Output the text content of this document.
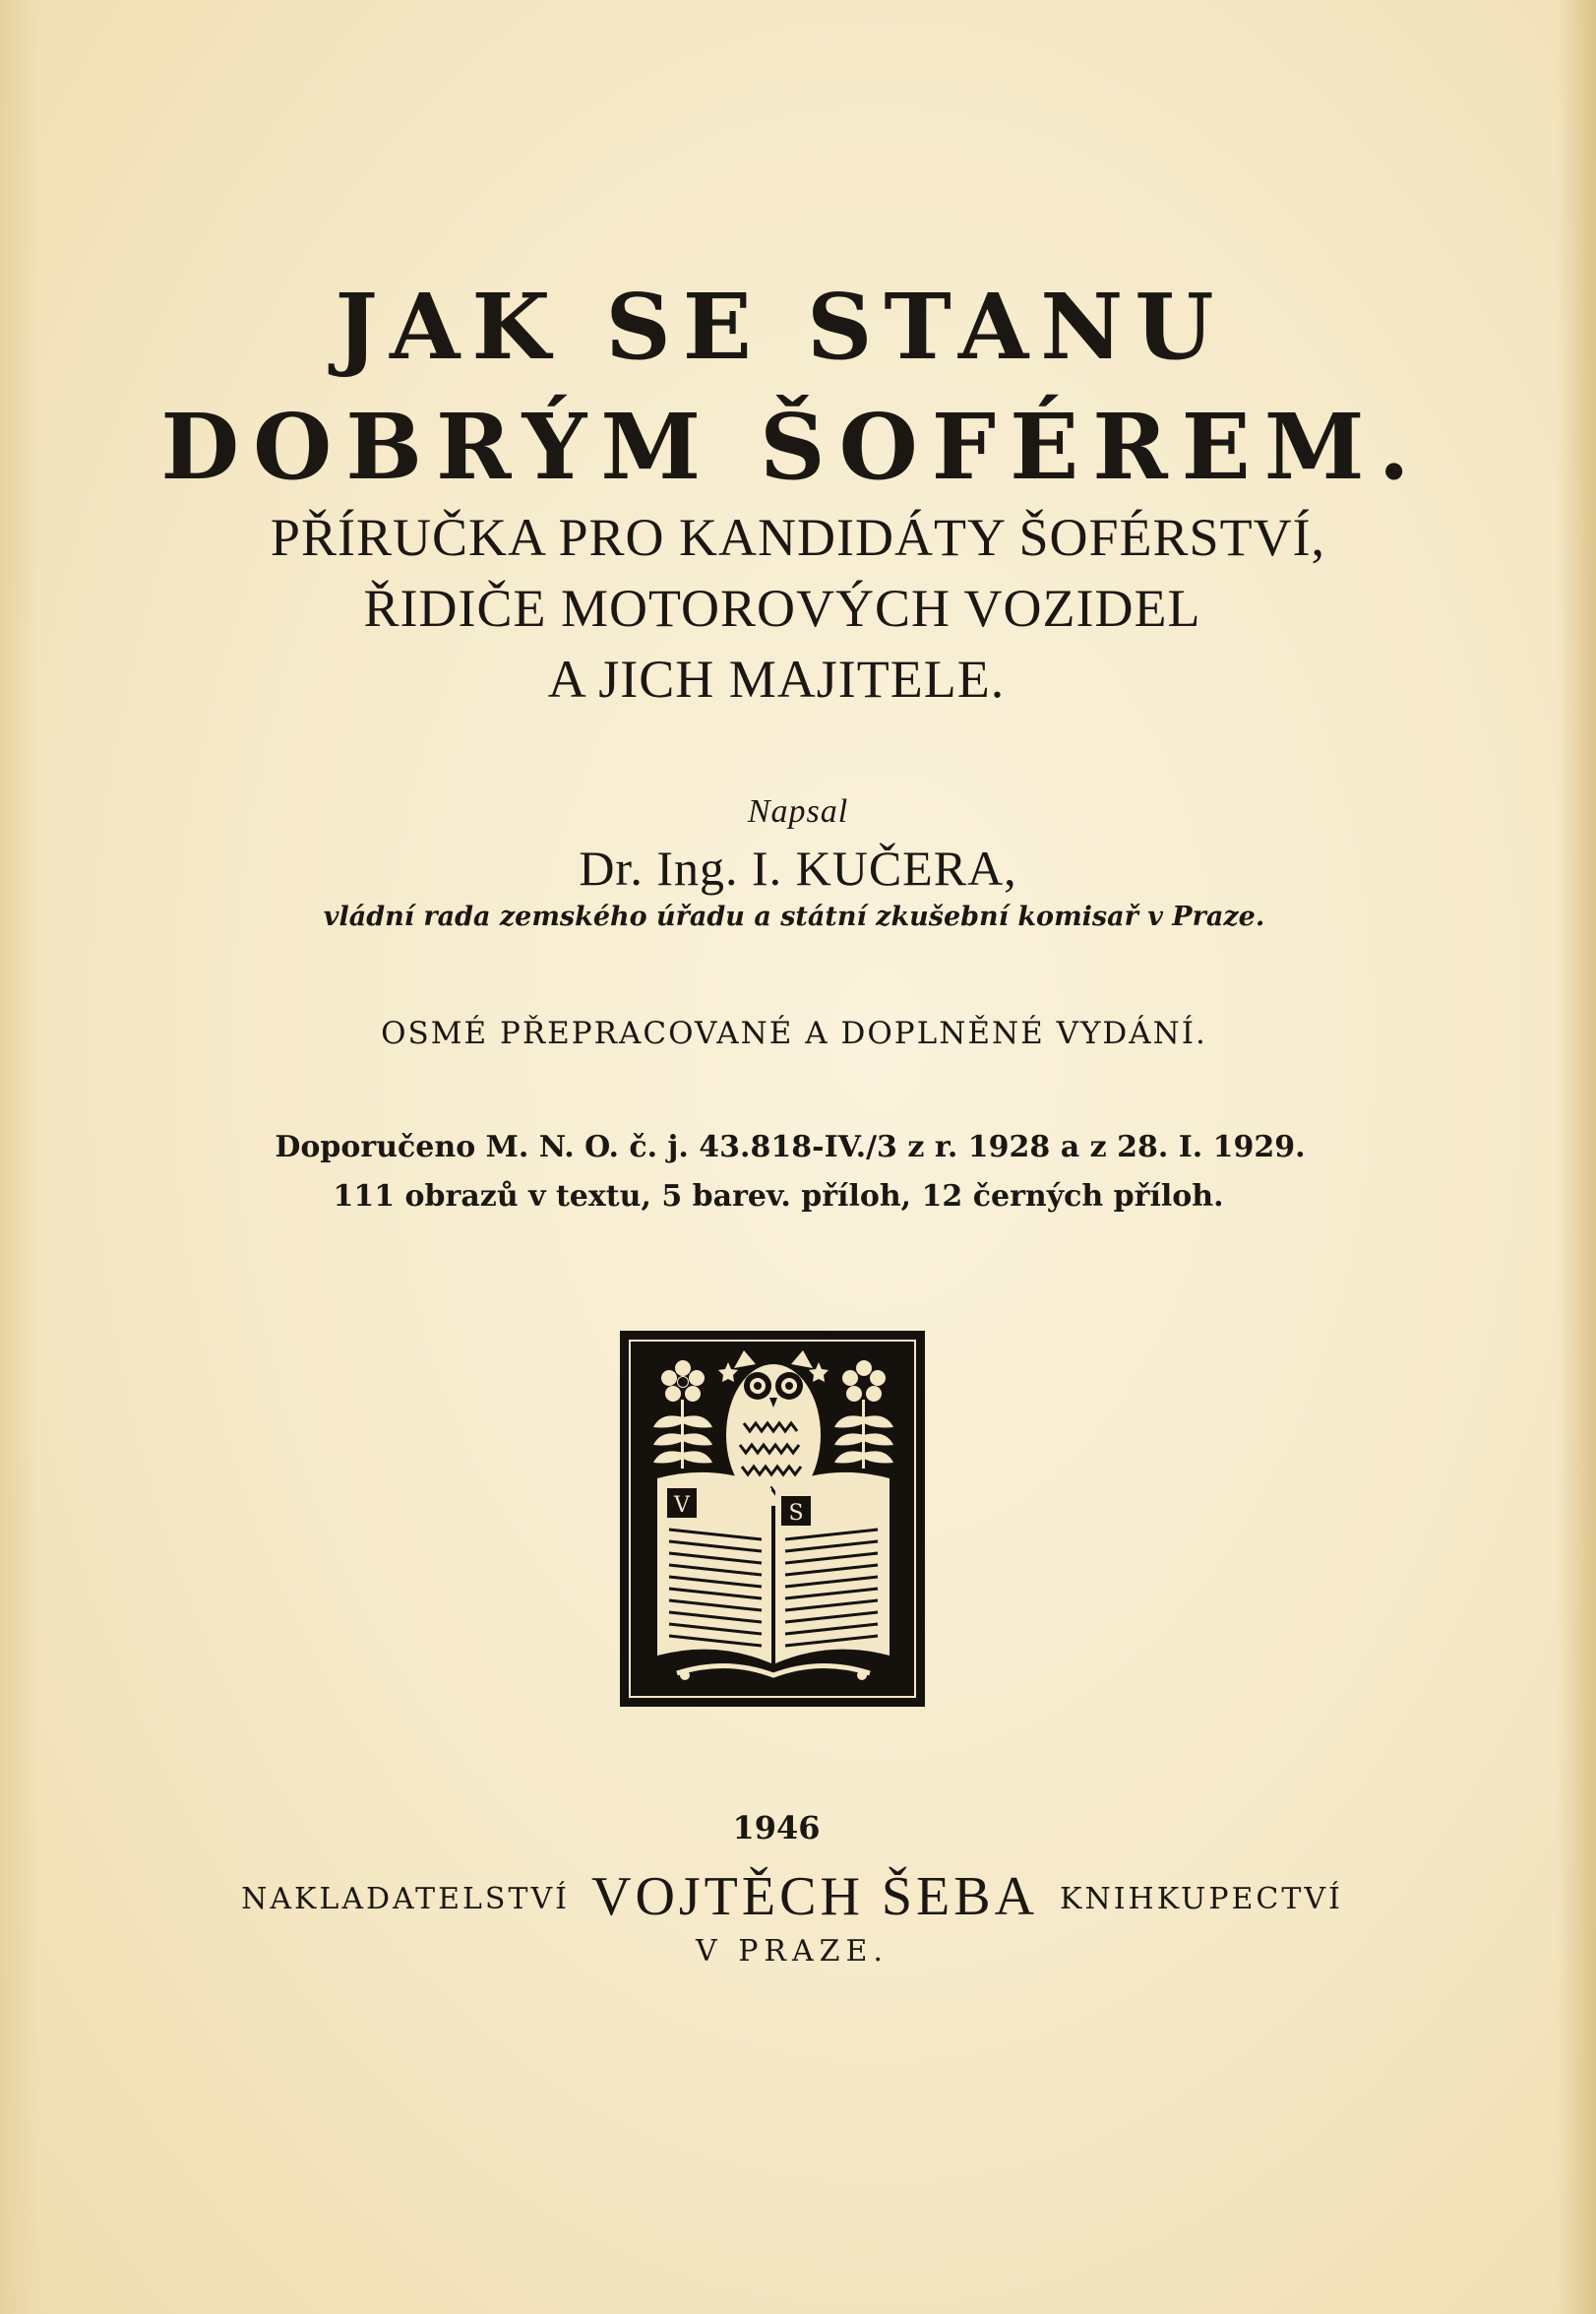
JAK SE STANU
DOBRÝM ŠOFÉREM.
PŘÍRUČKA PRO KANDIDÁTY ŠOFÉRSTVÍ,
ŘIDIČE MOTOROVÝCH VOZIDEL
A JICH MAJITELE.
Napsal
Dr. Ing. I. KUČERA,
vládní rada zemského úřadu a státní zkušební komisař v Praze.
OSMÉ PŘEPRACOVANÉ A DOPLNĚNÉ VYDÁNÍ.
Doporučeno M. N. O. č. j. 43.818-IV./3 z r. 1928 a z 28. I. 1929.
111 obrazů v textu, 5 barev. příloh, 12 černých příloh.
V	S
1946
NAKLADATELSTVÍ VOJTĚCH ŠEBA KNIHKUPECTVÍ
V PRAZE.
